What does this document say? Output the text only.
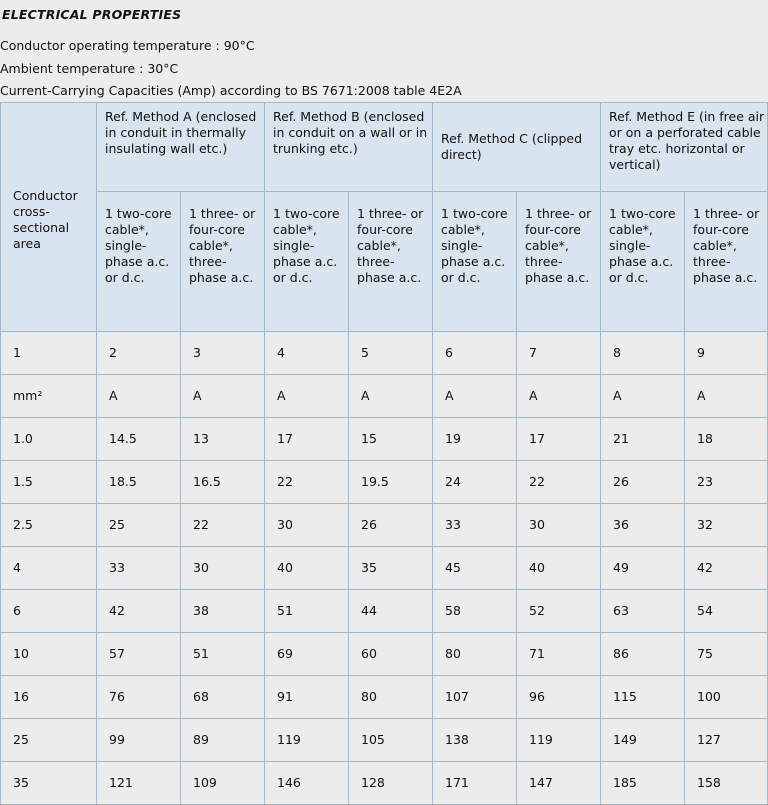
ELECTRICAL PROPERTIES
Conductor operating temperature : 90°C
Ambient temperature : 30°C
Current-Carrying Capacities (Amp) according to BS 7671:2008 table 4E2A
Conductor cross-sectional area	Ref. Method A (enclosed in conduit in thermally insulating wall etc.)		Ref. Method B (enclosed in conduit on a wall or in trunking etc.)		Ref. Method C (clipped direct)		Ref. Method E (in free air or on a perforated cable tray etc. horizontal or vertical)	
	1 two-core cable*, single-phase a.c. or d.c.	1 three- or four-core cable*, three-phase a.c.	1 two-core cable*, single-phase a.c. or d.c.	1 three- or four-core cable*, three-phase a.c.	1 two-core cable*, single-phase a.c. or d.c.	1 three- or four-core cable*, three-phase a.c.	1 two-core cable*, single-phase a.c. or d.c.	1 three- or four-core cable*, three-phase a.c.
1	2	3	4	5	6	7	8	9
mm²	A	A	A	A	A	A	A	A
1.0	14.5	13	17	15	19	17	21	18
1.5	18.5	16.5	22	19.5	24	22	26	23
2.5	25	22	30	26	33	30	36	32
4	33	30	40	35	45	40	49	42
6	42	38	51	44	58	52	63	54
10	57	51	69	60	80	71	86	75
16	76	68	91	80	107	96	115	100
25	99	89	119	105	138	119	149	127
35	121	109	146	128	171	147	185	158
